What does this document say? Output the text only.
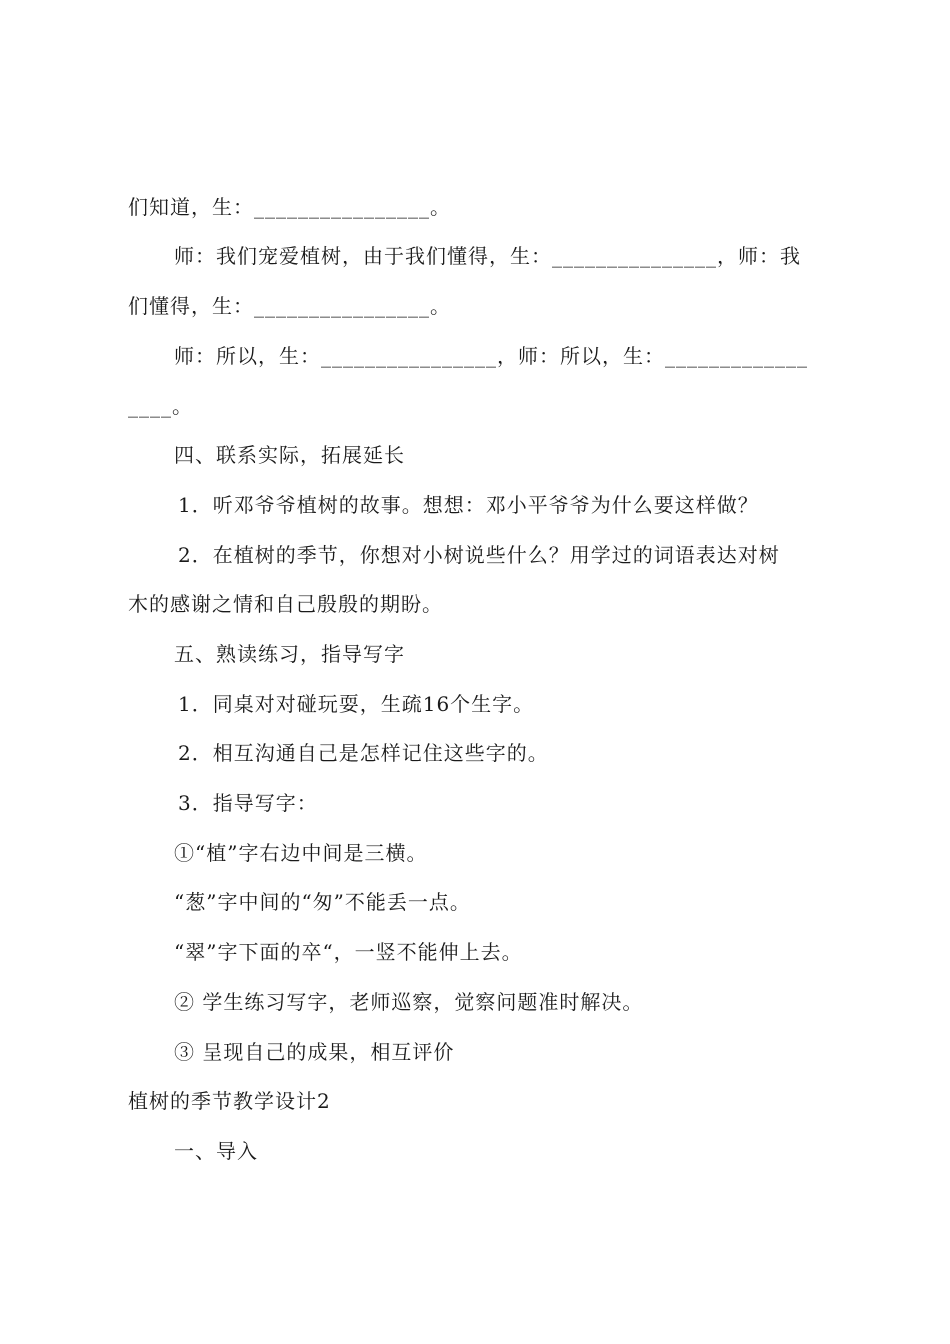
们知道，生：________________。
师：我们宠爱植树，由于我们懂得，生：_______________，师：我
们懂得，生：________________。
师：所以，生：________________，师：所以，生：_____________
____。
四、联系实际，拓展延长
1．听邓爷爷植树的故事。想想：邓小平爷爷为什么要这样做？
2．在植树的季节，你想对小树说些什么？用学过的词语表达对树
木的感谢之情和自己殷殷的期盼。
五、熟读练习，指导写字
1．同桌对对碰玩耍，生疏16个生字。
2．相互沟通自己是怎样记住这些字的。
3．指导写字：
①“植”字右边中间是三横。
“葱”字中间的“匆”不能丢一点。
“翠”字下面的卒“，一竖不能伸上去。
② 学生练习写字，老师巡察，觉察问题准时解决。
③ 呈现自己的成果，相互评价
植树的季节教学设计2
一、导入
